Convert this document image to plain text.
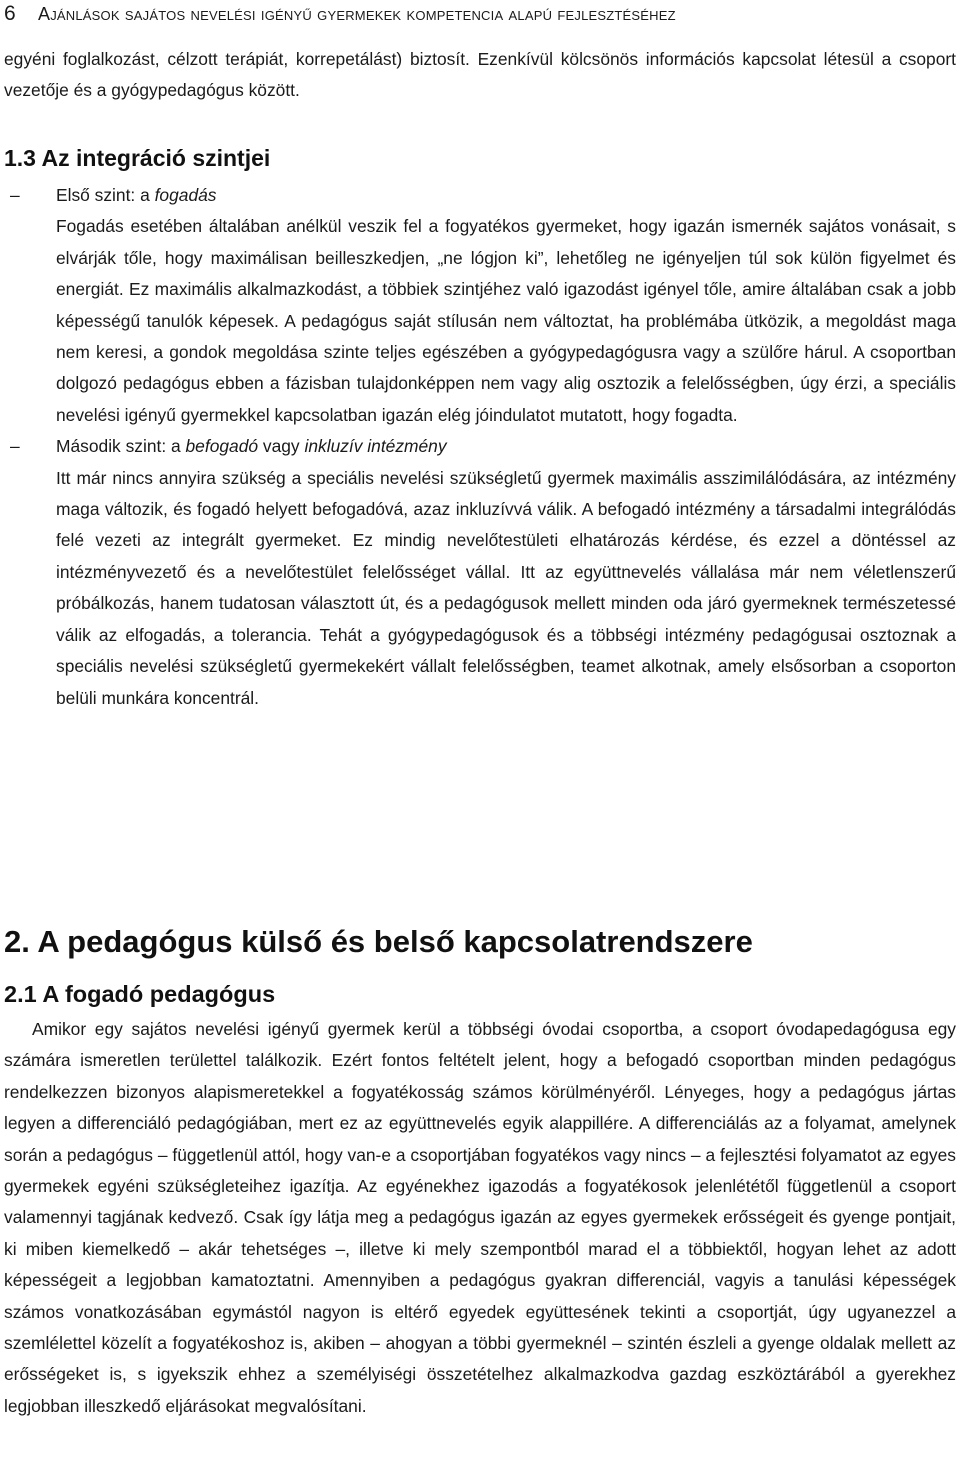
6	Ajánlások sajátos nevelési igényű gyermekek kompetencia alapú fejlesztéséhez

egyéni foglalkozást, célzott terápiát, korrepetálást) biztosít. Ezenkívül kölcsönös információs kapcsolat létesül a csoport vezetője és a gyógypedagógus között.

1.3 Az integráció szintjei
–	Első szint: a fogadás

Fogadás esetében általában anélkül veszik fel a fogyatékos gyermeket, hogy igazán ismernék sajátos vonásait, s elvárják tőle, hogy maximálisan beilleszkedjen, „ne lógjon ki”, lehetőleg ne igényeljen túl sok külön figyelmet és energiát. Ez maximális alkalmazkodást, a többiek szintjéhez való igazodást igényel tőle, amire általában csak a jobb képességű tanulók képesek. A pedagógus saját stílusán nem változtat, ha problémába ütközik, a megoldást maga nem keresi, a gondok megoldása szinte teljes egészében a gyógypedagógusra vagy a szülőre hárul. A csoportban dolgozó pedagógus ebben a fázisban tulajdonképpen nem vagy alig osztozik a felelősségben, úgy érzi, a speciális nevelési igényű gyermekkel kapcsolatban igazán elég jóindulatot mutatott, hogy fogadta.

–	Második szint: a befogadó vagy inkluzív intézmény

Itt már nincs annyira szükség a speciális nevelési szükségletű gyermek maximális asszimilálódására, az intézmény maga változik, és fogadó helyett befogadóvá, azaz inkluzívvá válik. A befogadó intézmény a társadalmi integrálódás felé vezeti az integrált gyermeket. Ez mindig nevelőtestületi elhatározás kérdése, és ezzel a döntéssel az intézményvezető és a nevelőtestület felelősséget vállal. Itt az együttnevelés vállalása már nem véletlenszerű próbálkozás, hanem tudatosan választott út, és a pedagógusok mellett minden oda járó gyermeknek természetessé válik az elfogadás, a tolerancia. Tehát a gyógypedagógusok és a többségi intézmény pedagógusai osztoznak a speciális nevelési szükségletű gyermekekért vállalt felelősségben, teamet alkotnak, amely elsősorban a csoporton belüli munkára koncentrál.

2. A pedagógus külső és belső kapcsolatrendszere
2.1 A fogadó pedagógus

Amikor egy sajátos nevelési igényű gyermek kerül a többségi óvodai csoportba, a csoport óvodapedagógusa egy számára ismeretlen területtel találkozik. Ezért fontos feltételt jelent, hogy a befogadó csoportban minden pedagógus rendelkezzen bizonyos alapismeretekkel a fogyatékosság számos körülményéről. Lényeges, hogy a pedagógus jártas legyen a differenciáló pedagógiában, mert ez az együttnevelés egyik alappillére. A differenciálás az a folyamat, amelynek során a pedagógus – függetlenül attól, hogy van-e a csoportjában fogyatékos vagy nincs – a fejlesztési folyamatot az egyes gyermekek egyéni szükségleteihez igazítja. Az egyénekhez igazodás a fogyatékosok jelenlététől függetlenül a csoport valamennyi tagjának kedvező. Csak így látja meg a pedagógus igazán az egyes gyermekek erősségeit és gyenge pontjait, ki miben kiemelkedő – akár tehetséges –, illetve ki mely szempontból marad el a többiektől, hogyan lehet az adott képességeit a legjobban kamatoztatni. Amennyiben a pedagógus gyakran differenciál, vagyis a tanulási képességek számos vonatkozásában egymástól nagyon is eltérő egyedek együttesének tekinti a csoportját, úgy ugyanezzel a szemlélettel közelít a fogyatékoshoz is, akiben – ahogyan a többi gyermeknél – szintén észleli a gyenge oldalak mellett az erősségeket is, s igyekszik ehhez a személyiségi összetételhez alkalmazkodva gazdag eszköztárából a gyerekhez legjobban illeszkedő eljárásokat megvalósítani.
